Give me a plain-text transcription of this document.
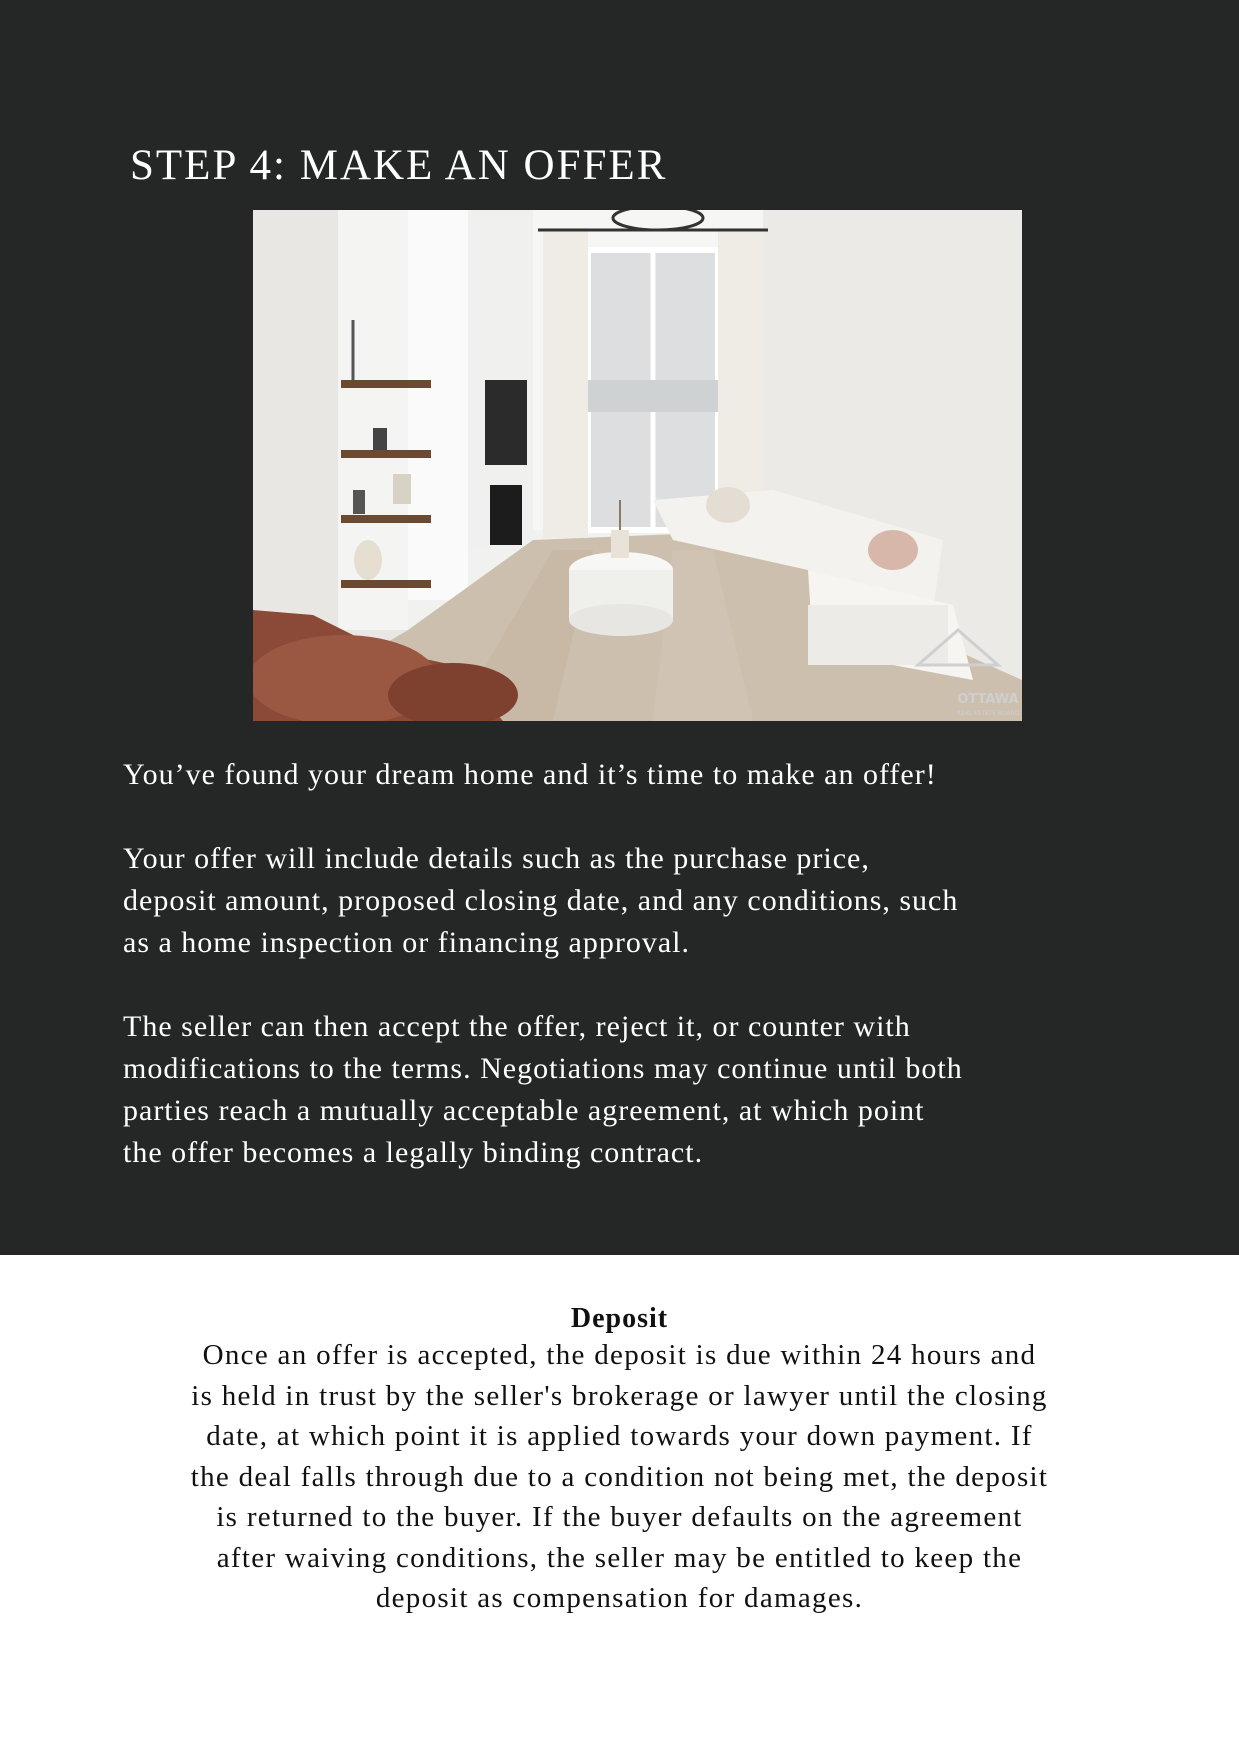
STEP 4: MAKE AN OFFER
OTTAWA
REAL ESTATE BOARD

You’ve found your dream home and it’s time to make an offer!

Your offer will include details such as the purchase price,
deposit amount, proposed closing date, and any conditions, such
as a home inspection or financing approval.

The seller can then accept the offer, reject it, or counter with
modifications to the terms. Negotiations may continue until both
parties reach a mutually acceptable agreement, at which point
the offer becomes a legally binding contract.

Deposit
Once an offer is accepted, the deposit is due within 24 hours and
is held in trust by the seller's brokerage or lawyer until the closing
date, at which point it is applied towards your down payment. If
the deal falls through due to a condition not being met, the deposit
is returned to the buyer. If the buyer defaults on the agreement
after waiving conditions, the seller may be entitled to keep the
deposit as compensation for damages.
